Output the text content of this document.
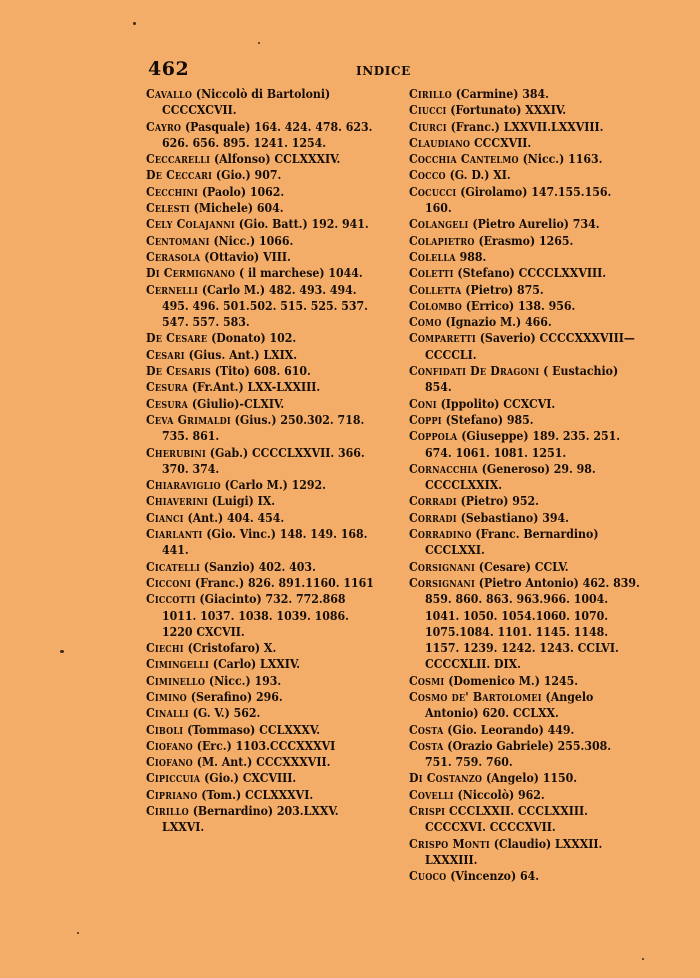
462	INDICE
Cavallo (Niccolò di Bartoloni) CCCCXCVII.
Cayro (Pasquale) 164. 424. 478. 623. 626. 656. 895. 1241. 1254.
Ceccarelli (Alfonso) CCLXXXIV.
De Ceccari (Gio.) 907.
Cecchini (Paolo) 1062.
Celesti (Michele) 604.
Cely Colajanni (Gio. Batt.) 192. 941.
Centomani (Nicc.) 1066.
Cerasola (Ottavio) VIII.
Di Cermignano ( il marchese) 1044.
Cernelli (Carlo M.) 482. 493. 494. 495. 496. 501.502. 515. 525. 537. 547. 557. 583.
De Cesare (Donato) 102.
Cesari (Gius. Ant.) LXIX.
De Cesaris (Tito) 608. 610.
Cesura (Fr.Ant.) LXX-LXXIII.
Cesura (Giulio)-CLXIV.
Ceva Grimaldi (Gius.) 250.302. 718. 735. 861.
Cherubini (Gab.) CCCCLXXVII. 366. 370. 374.
Chiaraviglio (Carlo M.) 1292.
Chiaverini (Luigi) IX.
Cianci (Ant.) 404. 454.
Ciarlanti (Gio. Vinc.) 148. 149. 168. 441.
Cicatelli (Sanzio) 402. 403.
Cicconi (Franc.) 826. 891.1160. 1161
Ciccotti (Giacinto) 732. 772.868 1011. 1037. 1038. 1039. 1086. 1220 CXCVII.
Ciechi (Cristofaro) X.
Cimingelli (Carlo) LXXIV.
Ciminello (Nicc.) 193.
Cimino (Serafino) 296.
Cinalli (G. V.) 562.
Ciboli (Tommaso) CCLXXXV.
Ciofano (Erc.) 1103.CCCXXXVI
Ciofano (M. Ant.) CCCXXXVII.
Cipiccuia (Gio.) CXCVIII.
Cipriano (Tom.) CCLXXXVI.
Cirillo (Bernardino) 203.LXXV. LXXVI.
Cirillo (Carmine) 384.
Ciucci (Fortunato) XXXIV.
Ciurci (Franc.) LXXVII.LXXVIII.
Claudiano CCCXVII.
Cocchia Cantelmo (Nicc.) 1163.
Cocco (G. D.) XI.
Cocucci (Girolamo) 147.155.156. 160.
Colangeli (Pietro Aurelio) 734.
Colapietro (Erasmo) 1265.
Colella 988.
Coletti (Stefano) CCCCLXXVIII.
Colletta (Pietro) 875.
Colombo (Errico) 138. 956.
Como (Ignazio M.) 466.
Comparetti (Saverio) CCCCXXXVIII—CCCCLI.
Confidati De Dragoni ( Eustachio) 854.
Coni (Ippolito) CCXCVI.
Coppi (Stefano) 985.
Coppola (Giuseppe) 189. 235. 251. 674. 1061. 1081. 1251.
Cornacchia (Generoso) 29. 98. CCCCLXXIX.
Corradi (Pietro) 952.
Corradi (Sebastiano) 394.
Corradino (Franc. Bernardino) CCCLXXI.
Corsignani (Cesare) CCLV.
Corsignani (Pietro Antonio) 462. 839. 859. 860. 863. 963.966. 1004. 1041. 1050. 1054.1060. 1070. 1075.1084. 1101. 1145. 1148. 1157. 1239. 1242. 1243. CCLVI. CCCCXLII. DIX.
Cosmi (Domenico M.) 1245.
Cosmo de' Bartolomei (Angelo Antonio) 620. CCLXX.
Costa (Gio. Leorando) 449.
Costa (Orazio Gabriele) 255.308. 751. 759. 760.
Di Costanzo (Angelo) 1150.
Covelli (Niccolò) 962.
Crispi CCCLXXII. CCCLXXIII. CCCCXVI. CCCCXVII.
Crispo Monti (Claudio) LXXXII. LXXXIII.
Cuoco (Vincenzo) 64.
